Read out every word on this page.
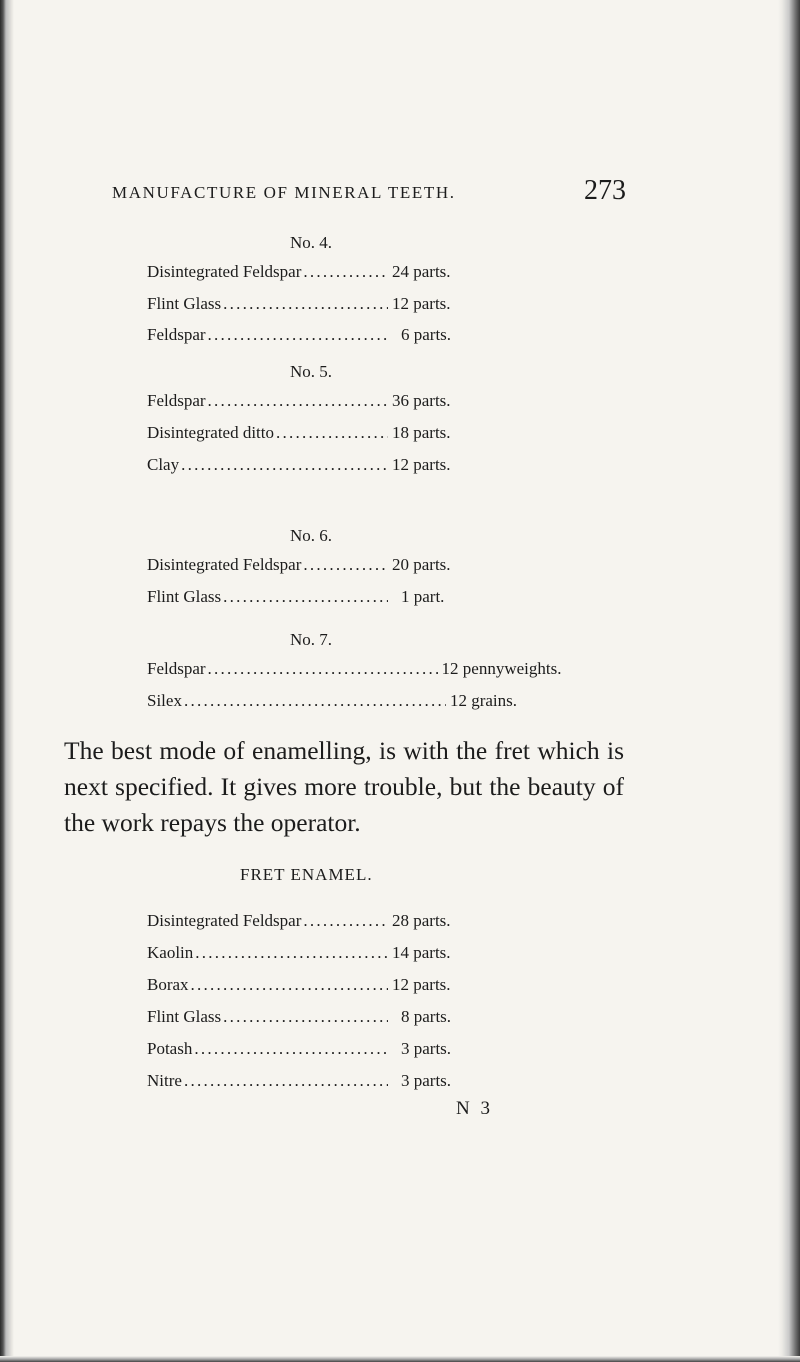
MANUFACTURE OF MINERAL TEETH.	273
No. 4.
Disintegrated Feldspar . . .	24 parts.
Flint Glass . . .	12 parts.
Feldspar . . .	6 parts.
No. 5.
Feldspar . . .	36 parts.
Disintegrated ditto . . .	18 parts.
Clay . . .	12 parts.
No. 6.
Disintegrated Feldspar . . .	20 parts.
Flint Glass . . .	1 part.
No. 7.
Feldspar . . .	12 pennyweights.
Silex . . .	12 grains.
The best mode of enamelling, is with the fret which is next specified. It gives more trouble, but the beauty of the work repays the operator.
FRET ENAMEL.
Disintegrated Feldspar . . .	28 parts.
Kaolin . . .	14 parts.
Borax . . .	12 parts.
Flint Glass . . .	8 parts.
Potash . . .	3 parts.
Nitre . . .	3 parts.
N 3
